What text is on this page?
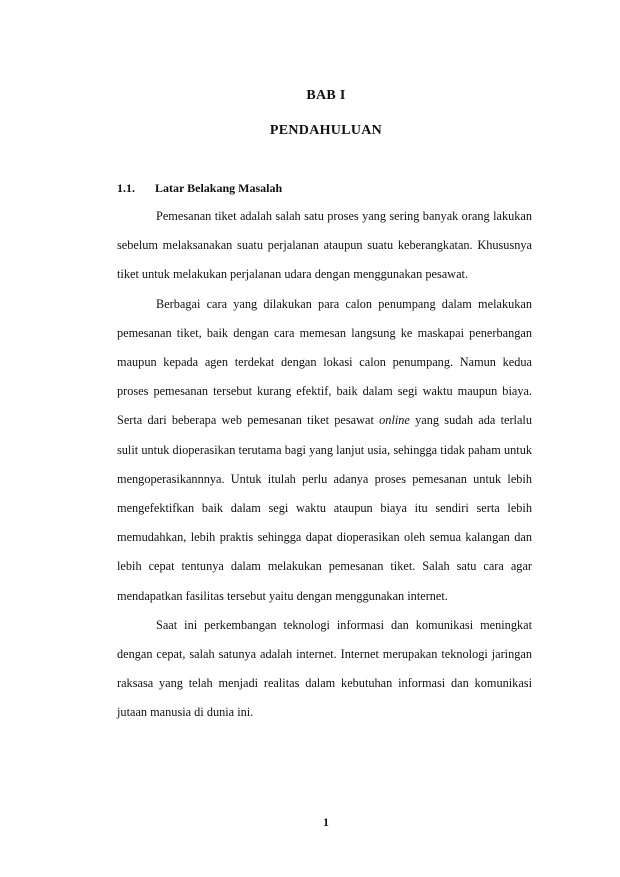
BAB I
PENDAHULUAN
1.1. Latar Belakang Masalah

Pemesanan tiket adalah salah satu proses yang sering banyak orang lakukan sebelum melaksanakan suatu perjalanan ataupun suatu keberangkatan. Khususnya tiket untuk melakukan perjalanan udara dengan menggunakan pesawat.

Berbagai cara yang dilakukan para calon penumpang dalam melakukan pemesanan tiket, baik dengan cara memesan langsung ke maskapai penerbangan maupun kepada agen terdekat dengan lokasi calon penumpang. Namun kedua proses pemesanan tersebut kurang efektif, baik dalam segi waktu maupun biaya. Serta dari beberapa web pemesanan tiket pesawat online yang sudah ada terlalu sulit untuk dioperasikan terutama bagi yang lanjut usia, sehingga tidak paham untuk mengoperasikannnya. Untuk itulah perlu adanya proses pemesanan untuk lebih mengefektifkan baik dalam segi waktu ataupun biaya itu sendiri serta lebih memudahkan, lebih praktis sehingga dapat dioperasikan oleh semua kalangan dan lebih cepat tentunya dalam melakukan pemesanan tiket. Salah satu cara agar mendapatkan fasilitas tersebut yaitu dengan menggunakan internet.

Saat ini perkembangan teknologi informasi dan komunikasi meningkat dengan cepat, salah satunya adalah internet. Internet merupakan teknologi jaringan raksasa yang telah menjadi realitas dalam kebutuhan informasi dan komunikasi jutaan manusia di dunia ini.

1
